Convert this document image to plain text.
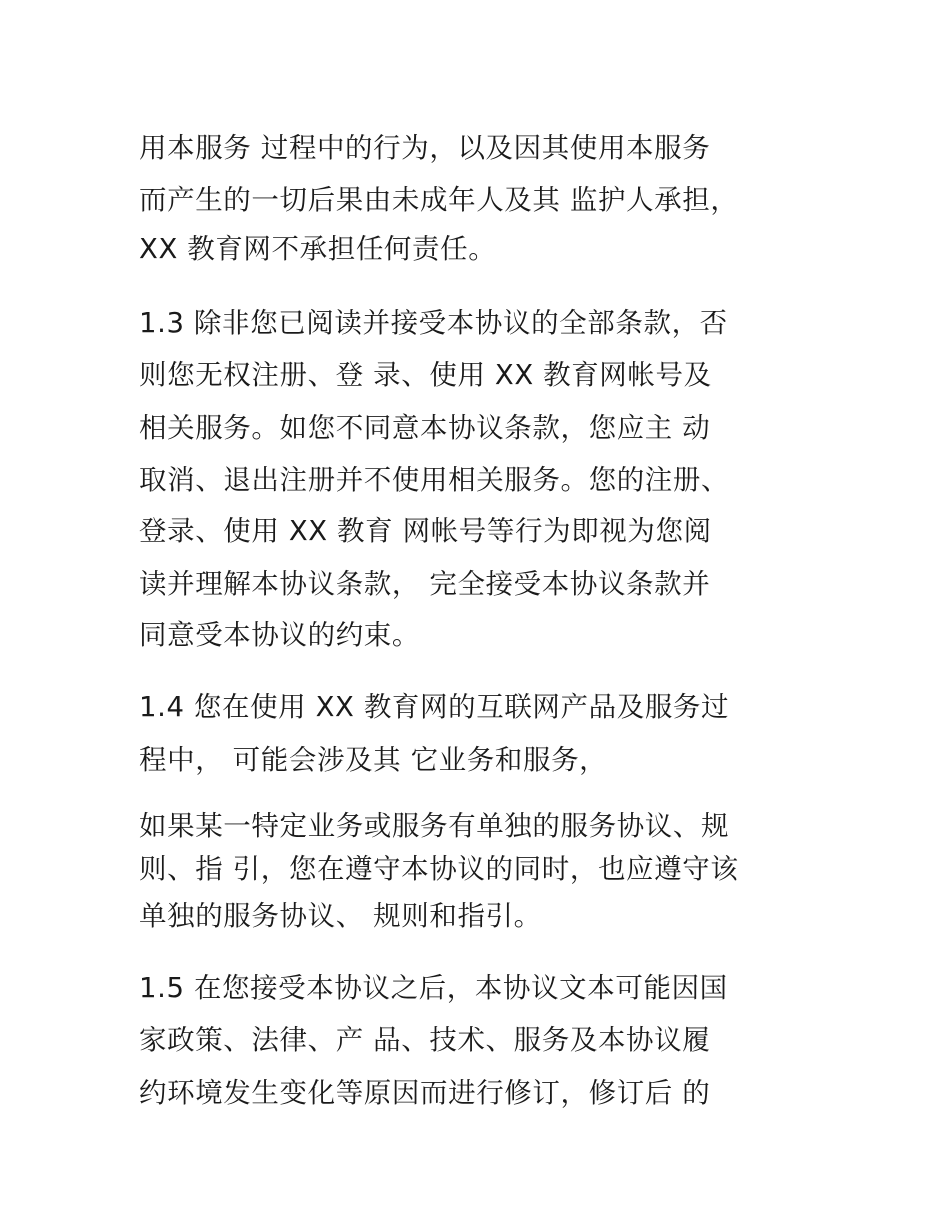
用本服务 过程中的行为，以及因其使用本服务
而产生的一切后果由未成年人及其 监护人承担，
XX 教育网不承担任何责任。
1.3 除非您已阅读并接受本协议的全部条款，否
则您无权注册、登 录、使用 XX 教育网帐号及
相关服务。如您不同意本协议条款，您应主 动
取消、退出注册并不使用相关服务。您的注册、
登录、使用 XX 教育 网帐号等行为即视为您阅
读并理解本协议条款， 完全接受本协议条款并
同意受本协议的约束。
1.4 您在使用 XX 教育网的互联网产品及服务过
程中， 可能会涉及其 它业务和服务，
如果某一特定业务或服务有单独的服务协议、规
则、指 引，您在遵守本协议的同时，也应遵守该
单独的服务协议、 规则和指引。
1.5 在您接受本协议之后，本协议文本可能因国
家政策、法律、产 品、技术、服务及本协议履
约环境发生变化等原因而进行修订，修订后 的
